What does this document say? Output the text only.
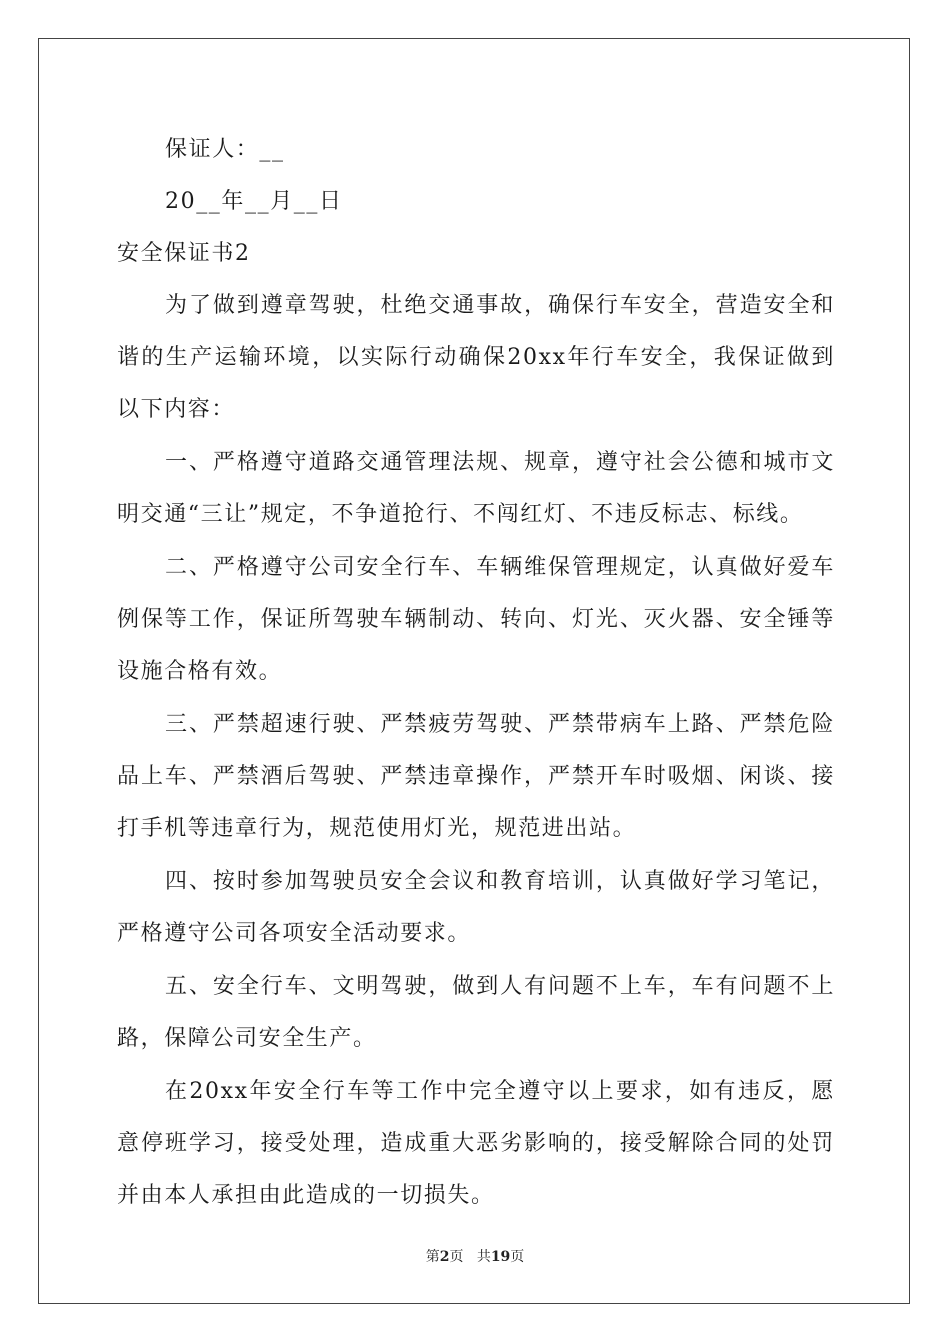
保证人：__
20__年__月__日
安全保证书2

为了做到遵章驾驶，杜绝交通事故，确保行车安全，营造安全和谐的生产运输环境，以实际行动确保20xx年行车安全，我保证做到以下内容：

一、严格遵守道路交通管理法规、规章，遵守社会公德和城市文明交通“三让”规定，不争道抢行、不闯红灯、不违反标志、标线。

二、严格遵守公司安全行车、车辆维保管理规定，认真做好爱车例保等工作，保证所驾驶车辆制动、转向、灯光、灭火器、安全锤等设施合格有效。

三、严禁超速行驶、严禁疲劳驾驶、严禁带病车上路、严禁危险品上车、严禁酒后驾驶、严禁违章操作，严禁开车时吸烟、闲谈、接打手机等违章行为，规范使用灯光，规范进出站。

四、按时参加驾驶员安全会议和教育培训，认真做好学习笔记，严格遵守公司各项安全活动要求。

五、安全行车、文明驾驶，做到人有问题不上车，车有问题不上路，保障公司安全生产。

在20xx年安全行车等工作中完全遵守以上要求，如有违反，愿意停班学习，接受处理，造成重大恶劣影响的，接受解除合同的处罚并由本人承担由此造成的一切损失。

第2页 共19页
